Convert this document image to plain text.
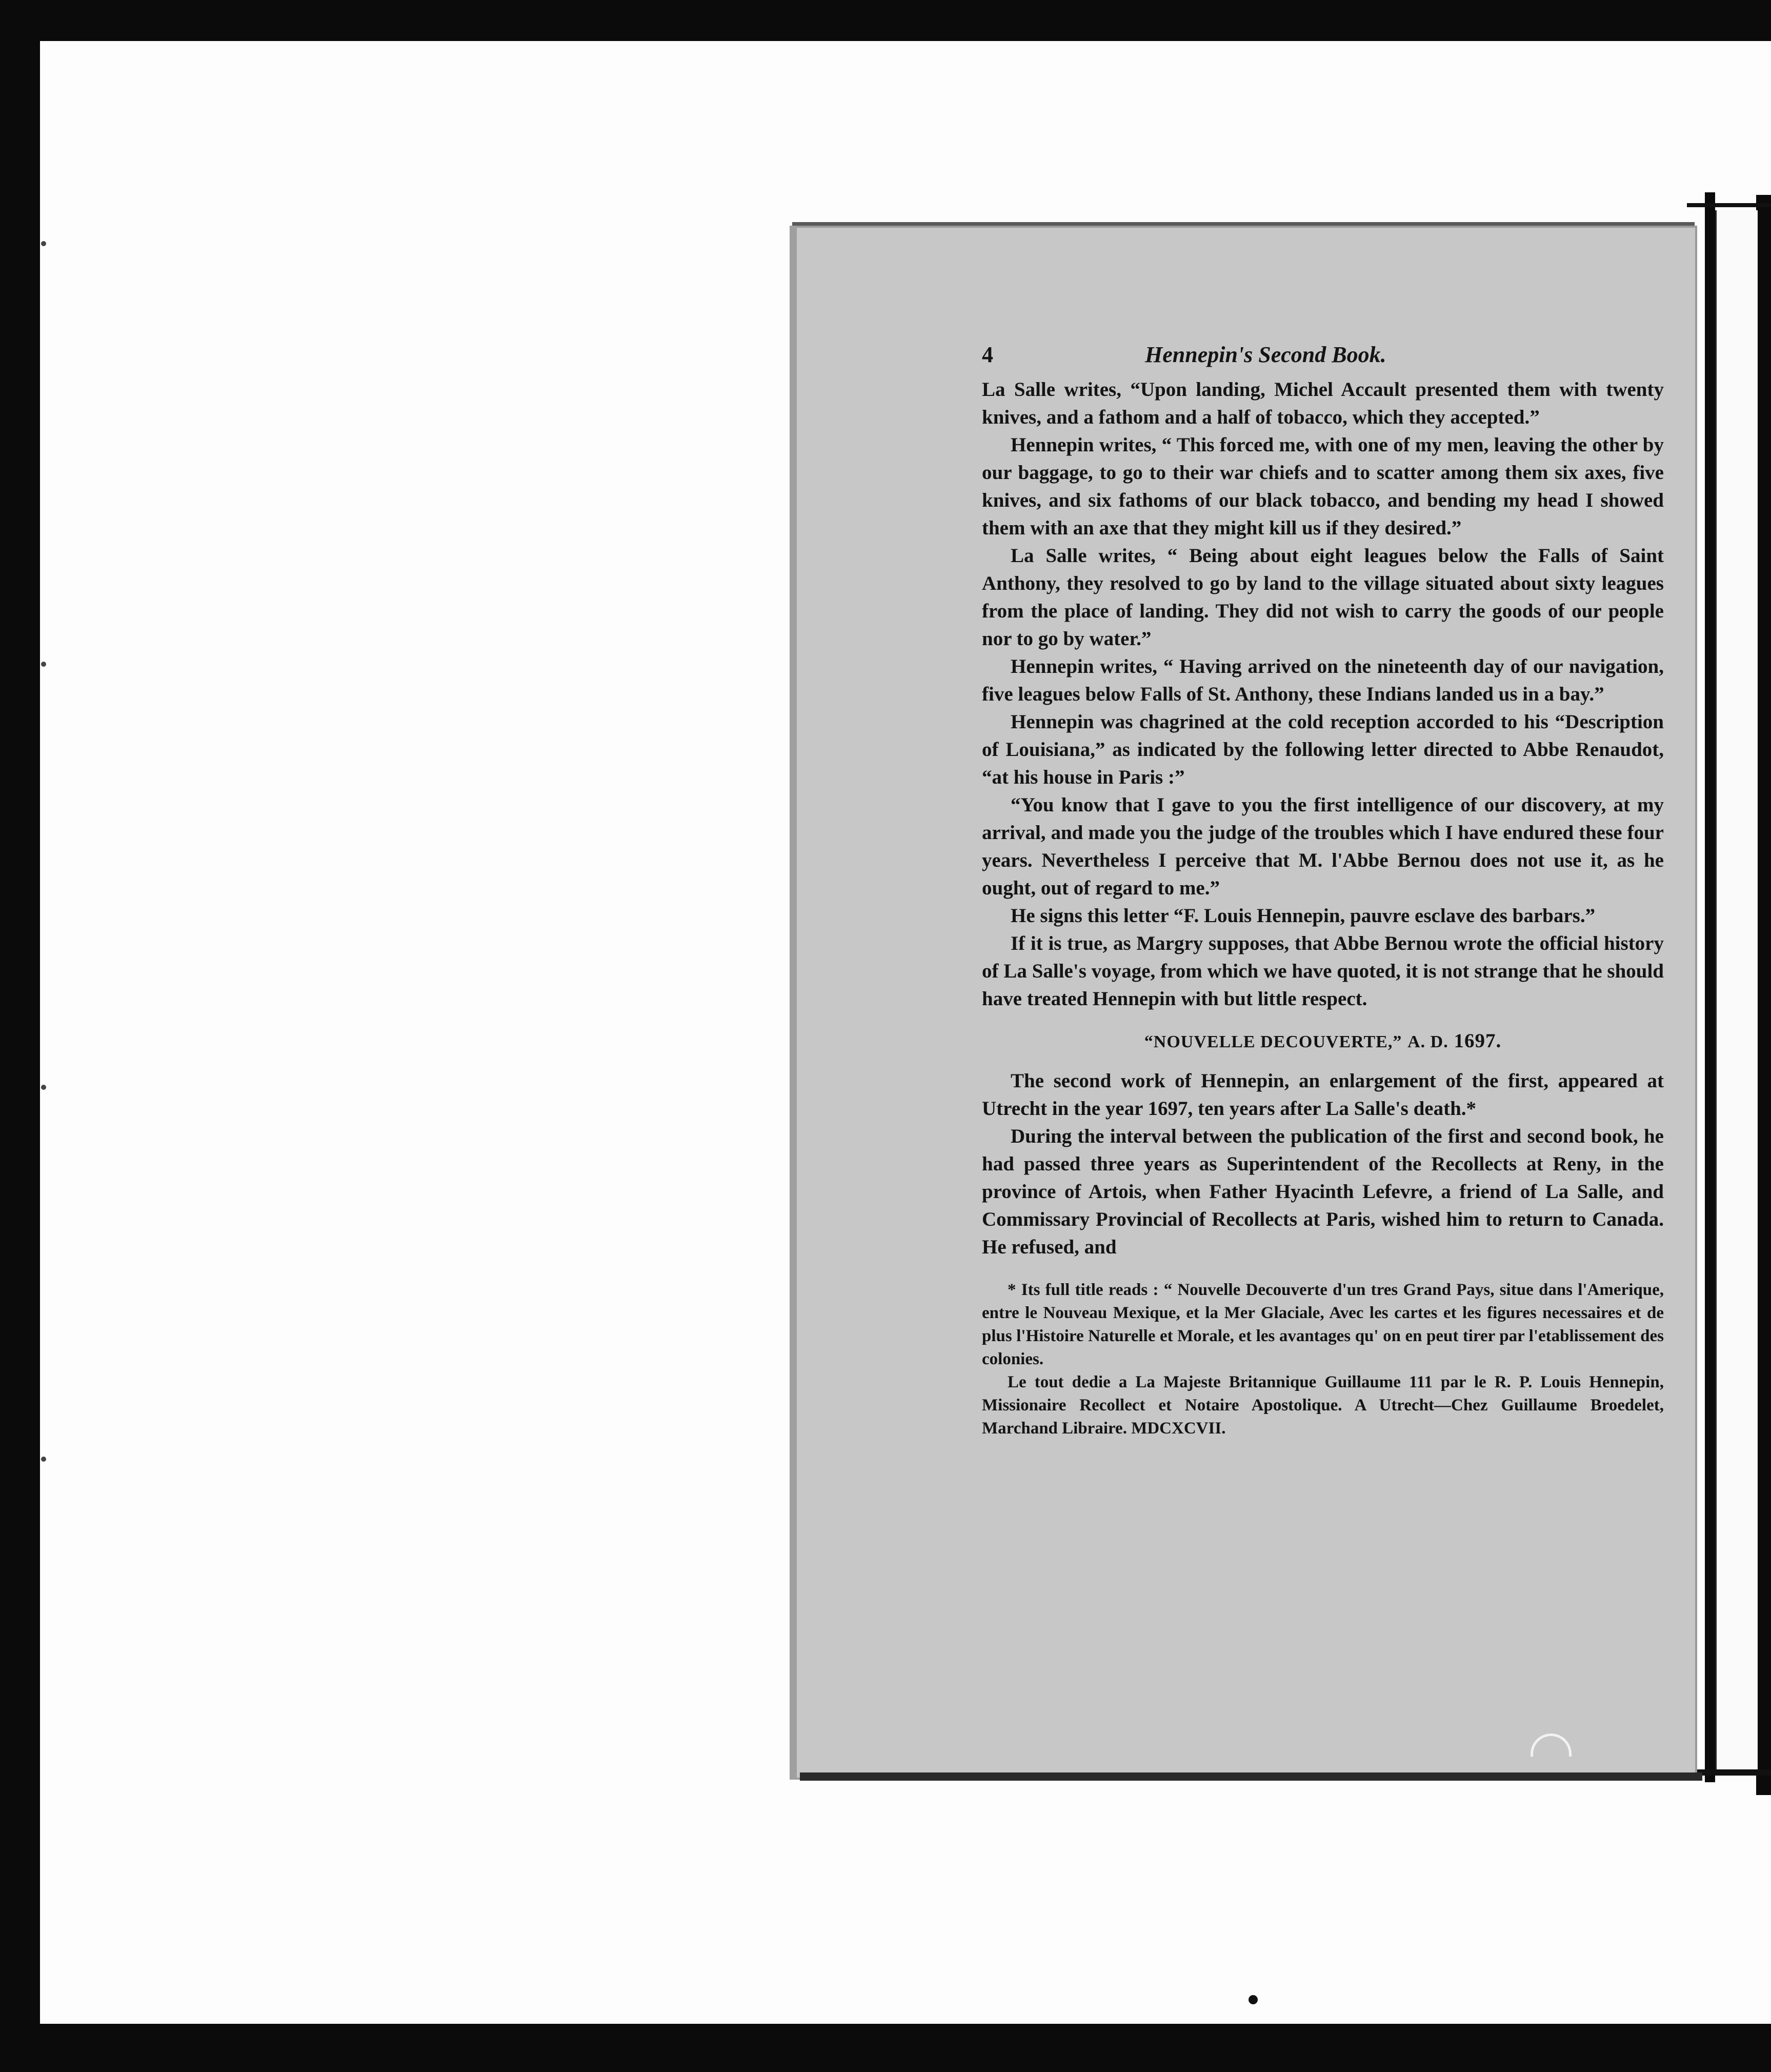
4	Hennepin's Second Book.

La Salle writes, “Upon landing, Michel Accault presented them with twenty knives, and a fathom and a half of tobacco, which they accepted.”

Hennepin writes, “ This forced me, with one of my men, leaving the other by our baggage, to go to their war chiefs and to scatter among them six axes, five knives, and six fathoms of our black tobacco, and bending my head I showed them with an axe that they might kill us if they desired.”

La Salle writes, “ Being about eight leagues below the Falls of Saint Anthony, they resolved to go by land to the village situated about sixty leagues from the place of landing. They did not wish to carry the goods of our people nor to go by water.”

Hennepin writes, “ Having arrived on the nineteenth day of our navigation, five leagues below Falls of St. Anthony, these Indians landed us in a bay.”

Hennepin was chagrined at the cold reception accorded to his “Description of Louisiana,” as indicated by the following letter directed to Abbe Renaudot, “at his house in Paris :”

“You know that I gave to you the first intelligence of our discovery, at my arrival, and made you the judge of the troubles which I have endured these four years. Nevertheless I perceive that M. l'Abbe Bernou does not use it, as he ought, out of regard to me.”

He signs this letter “F. Louis Hennepin, pauvre esclave des barbars.”

If it is true, as Margry supposes, that Abbe Bernou wrote the official history of La Salle's voyage, from which we have quoted, it is not strange that he should have treated Hennepin with but little respect.

“NOUVELLE DECOUVERTE,” A. D. 1697.

The second work of Hennepin, an enlargement of the first, appeared at Utrecht in the year 1697, ten years after La Salle's death.*

During the interval between the publication of the first and second book, he had passed three years as Superintendent of the Recollects at Reny, in the province of Artois, when Father Hyacinth Lefevre, a friend of La Salle, and Commissary Provincial of Recollects at Paris, wished him to return to Canada. He refused, and

* Its full title reads : “ Nouvelle Decouverte d'un tres Grand Pays, situe dans l'Amerique, entre le Nouveau Mexique, et la Mer Glaciale, Avec les cartes et les figures necessaires et de plus l'Histoire Naturelle et Morale, et les avantages qu' on en peut tirer par l'etablissement des colonies.

Le tout dedie a La Majeste Britannique Guillaume 111 par le R. P. Louis Hennepin, Missionaire Recollect et Notaire Apostolique. A Utrecht—Chez Guillaume Broedelet, Marchand Libraire. MDCXCVII.
